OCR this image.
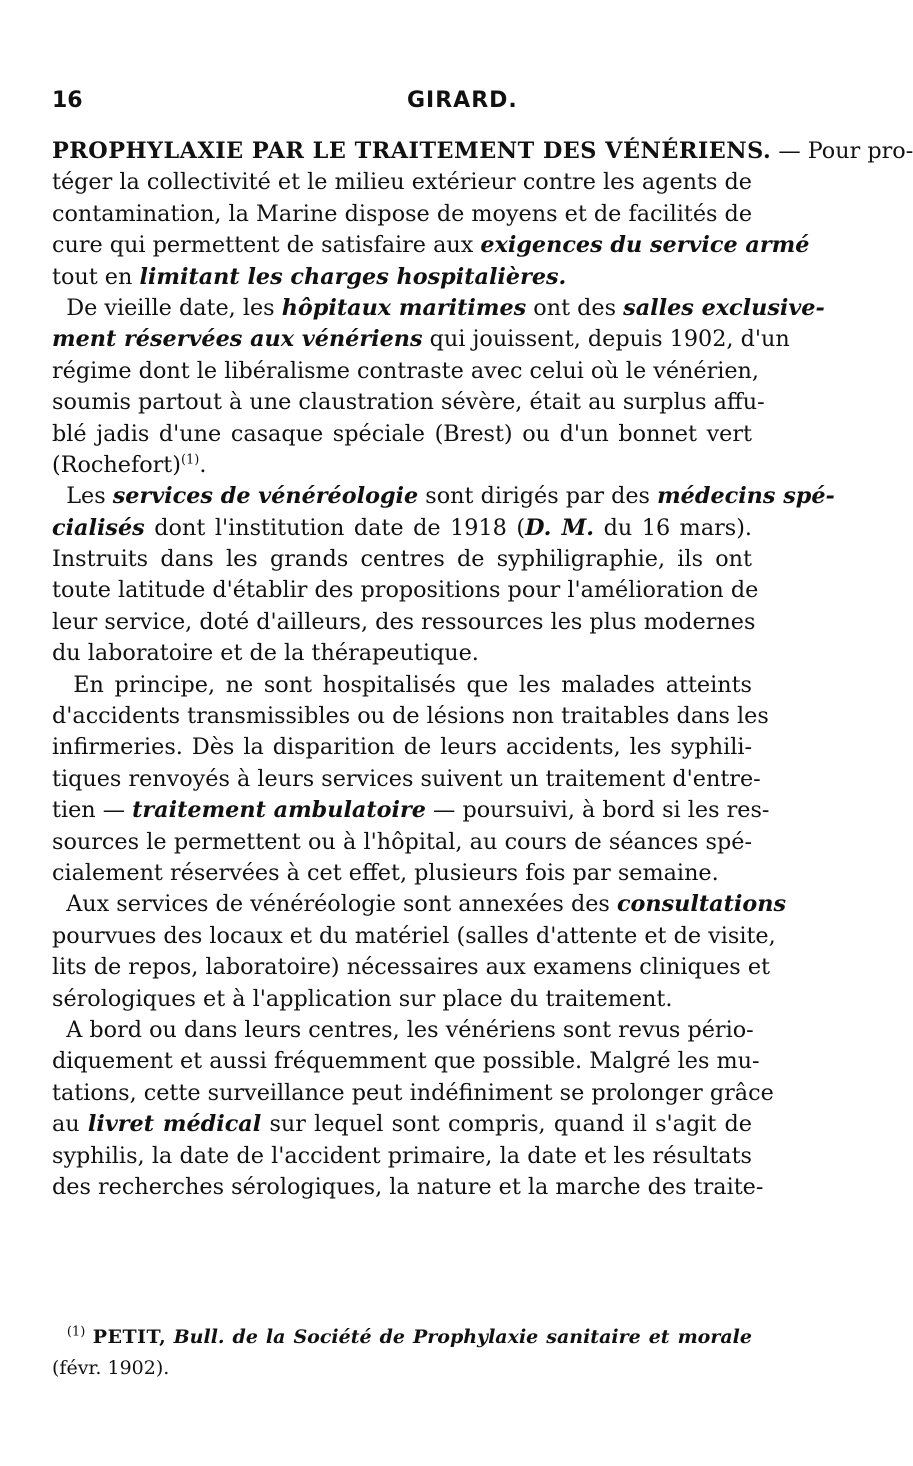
16	GIRARD.
PROPHYLAXIE PAR LE TRAITEMENT DES VÉNÉRIENS. — Pour pro-
téger la collectivité et le milieu extérieur contre les agents de
contamination, la Marine dispose de moyens et de facilités de
cure qui permettent de satisfaire aux exigences du service armé
tout en limitant les charges hospitalières.
De vieille date, les hôpitaux maritimes ont des salles exclusive-
ment réservées aux vénériens qui jouissent, depuis 1902, d'un
régime dont le libéralisme contraste avec celui où le vénérien,
soumis partout à une claustration sévère, était au surplus affu-
blé jadis d'une casaque spéciale (Brest) ou d'un bonnet vert
(Rochefort)$^{(1)}$.
Les services de vénéréologie sont dirigés par des médecins spé-
cialisés dont l'institution date de 1918 (D. M. du 16 mars).
Instruits dans les grands centres de syphiligraphie, ils ont
toute latitude d'établir des propositions pour l'amélioration de
leur service, doté d'ailleurs, des ressources les plus modernes
du laboratoire et de la thérapeutique.
En principe, ne sont hospitalisés que les malades atteints
d'accidents transmissibles ou de lésions non traitables dans les
infirmeries. Dès la disparition de leurs accidents, les syphili-
tiques renvoyés à leurs services suivent un traitement d'entre-
tien — traitement ambulatoire — poursuivi, à bord si les res-
sources le permettent ou à l'hôpital, au cours de séances spé-
cialement réservées à cet effet, plusieurs fois par semaine.
Aux services de vénéréologie sont annexées des consultations
pourvues des locaux et du matériel (salles d'attente et de visite,
lits de repos, laboratoire) nécessaires aux examens cliniques et
sérologiques et à l'application sur place du traitement.
A bord ou dans leurs centres, les vénériens sont revus pério-
diquement et aussi fréquemment que possible. Malgré les mu-
tations, cette surveillance peut indéfiniment se prolonger grâce
au livret médical sur lequel sont compris, quand il s'agit de
syphilis, la date de l'accident primaire, la date et les résultats
des recherches sérologiques, la nature et la marche des traite-
$^{(1)}$ PETIT, Bull. de la Société de Prophylaxie sanitaire et morale
(févr. 1902).
